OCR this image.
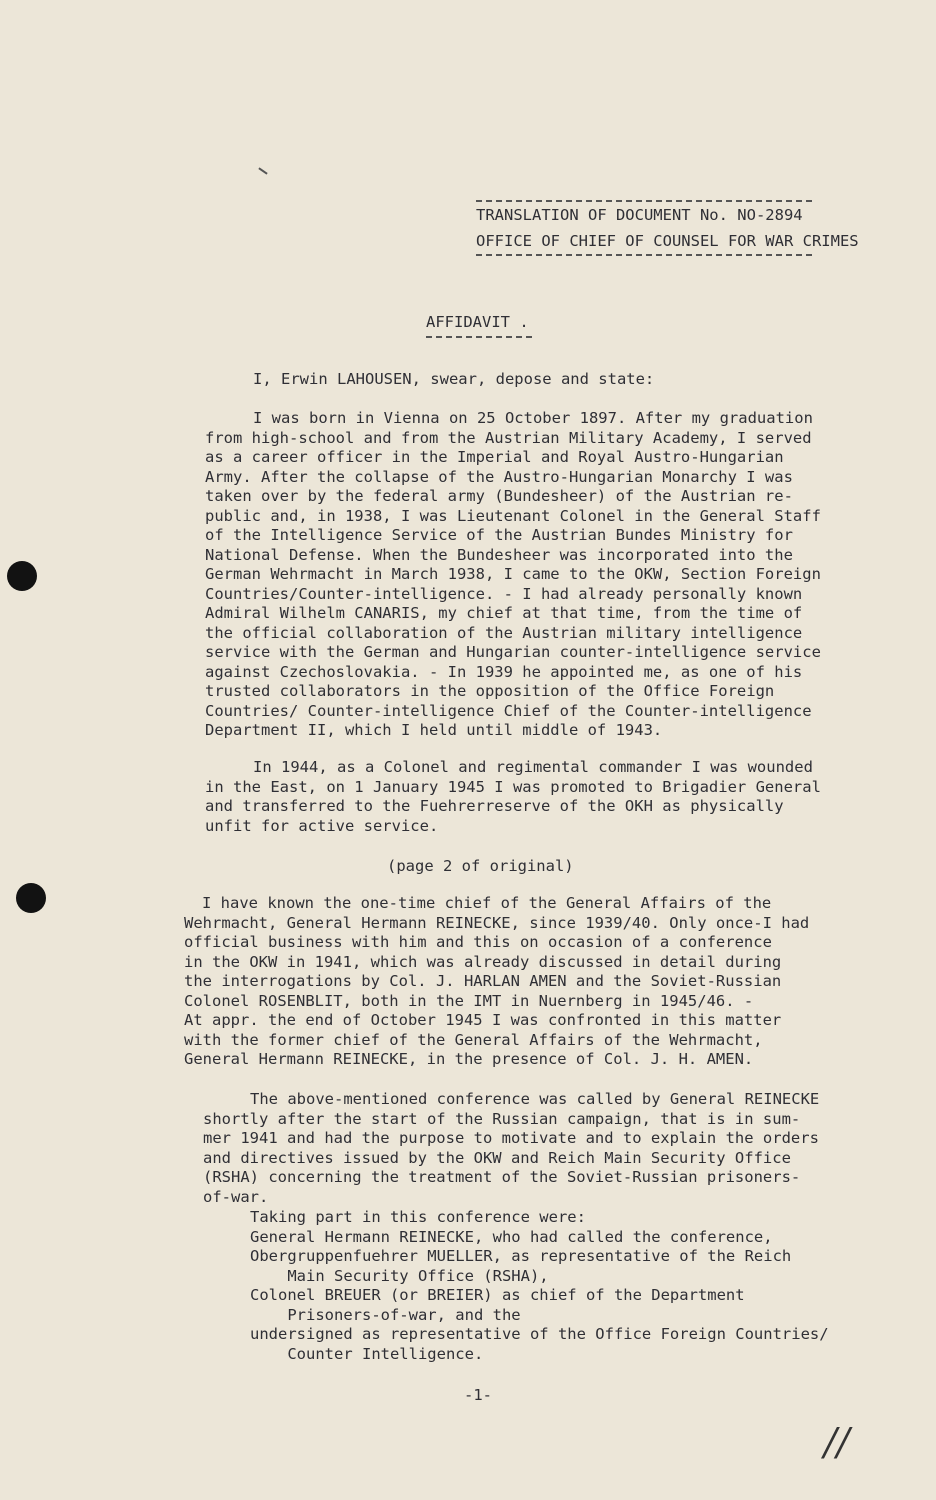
TRANSLATION OF DOCUMENT No. NO-2894
OFFICE OF CHIEF OF COUNSEL FOR WAR CRIMES
AFFIDAVIT .
I, Erwin LAHOUSEN, swear, depose and state:
I was born in Vienna on 25 October 1897. After my graduation
from high-school and from the Austrian Military Academy, I served
as a career officer in the Imperial and Royal Austro-Hungarian
Army. After the collapse of the Austro-Hungarian Monarchy I was
taken over by the federal army (Bundesheer) of the Austrian re-
public and, in 1938, I was Lieutenant Colonel in the General Staff
of the Intelligence Service of the Austrian Bundes Ministry for
National Defense. When the Bundesheer was incorporated into the
German Wehrmacht in March 1938, I came to the OKW, Section Foreign
Countries/Counter-intelligence. - I had already personally known
Admiral Wilhelm CANARIS, my chief at that time, from the time of
the official collaboration of the Austrian military intelligence
service with the German and Hungarian counter-intelligence service
against Czechoslovakia. - In 1939 he appointed me, as one of his
trusted collaborators in the opposition of the Office Foreign
Countries/ Counter-intelligence Chief of the Counter-intelligence
Department II, which I held until middle of 1943.
In 1944, as a Colonel and regimental commander I was wounded
in the East, on 1 January 1945 I was promoted to Brigadier General
and transferred to the Fuehrerreserve of the OKH as physically
unfit for active service.
(page 2 of original)
I have known the one-time chief of the General Affairs of the
Wehrmacht, General Hermann REINECKE, since 1939/40. Only once-I had
official business with him and this on occasion of a conference
in the OKW in 1941, which was already discussed in detail during
the interrogations by Col. J. HARLAN AMEN and the Soviet-Russian
Colonel ROSENBLIT, both in the IMT in Nuernberg in 1945/46. -
At appr. the end of October 1945 I was confronted in this matter
with the former chief of the General Affairs of the Wehrmacht,
General Hermann REINECKE, in the presence of Col. J. H. AMEN.
The above-mentioned conference was called by General REINECKE
shortly after the start of the Russian campaign, that is in sum-
mer 1941 and had the purpose to motivate and to explain the orders
and directives issued by the OKW and Reich Main Security Office
(RSHA) concerning the treatment of the Soviet-Russian prisoners-
of-war.
Taking part in this conference were:
General Hermann REINECKE, who had called the conference,
Obergruppenfuehrer MUELLER, as representative of the Reich
Main Security Office (RSHA),
Colonel BREUER (or BREIER) as chief of the Department
Prisoners-of-war, and the
undersigned as representative of the Office Foreign Countries/
Counter Intelligence.
-1-
//
